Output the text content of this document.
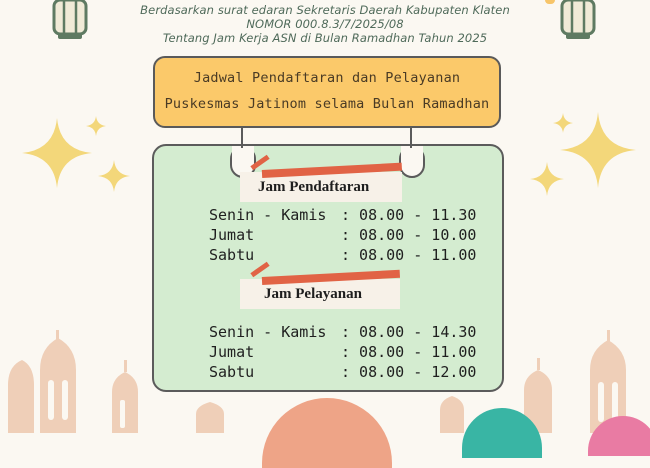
Berdasarkan surat edaran Sekretaris Daerah Kabupaten Klaten
NOMOR 000.8.3/7/2025/08
Tentang Jam Kerja ASN di Bulan Ramadhan Tahun 2025
Jadwal Pendaftaran dan Pelayanan
Puskesmas Jatinom selama Bulan Ramadhan
Jam Pendaftaran
Senin - Kamis : 08.00 - 11.30
Jumat	: 08.00 - 10.00
Sabtu	: 08.00 - 11.00
Jam Pelayanan
Senin - Kamis : 08.00 - 14.30
Jumat	: 08.00 - 11.00
Sabtu	: 08.00 - 12.00
